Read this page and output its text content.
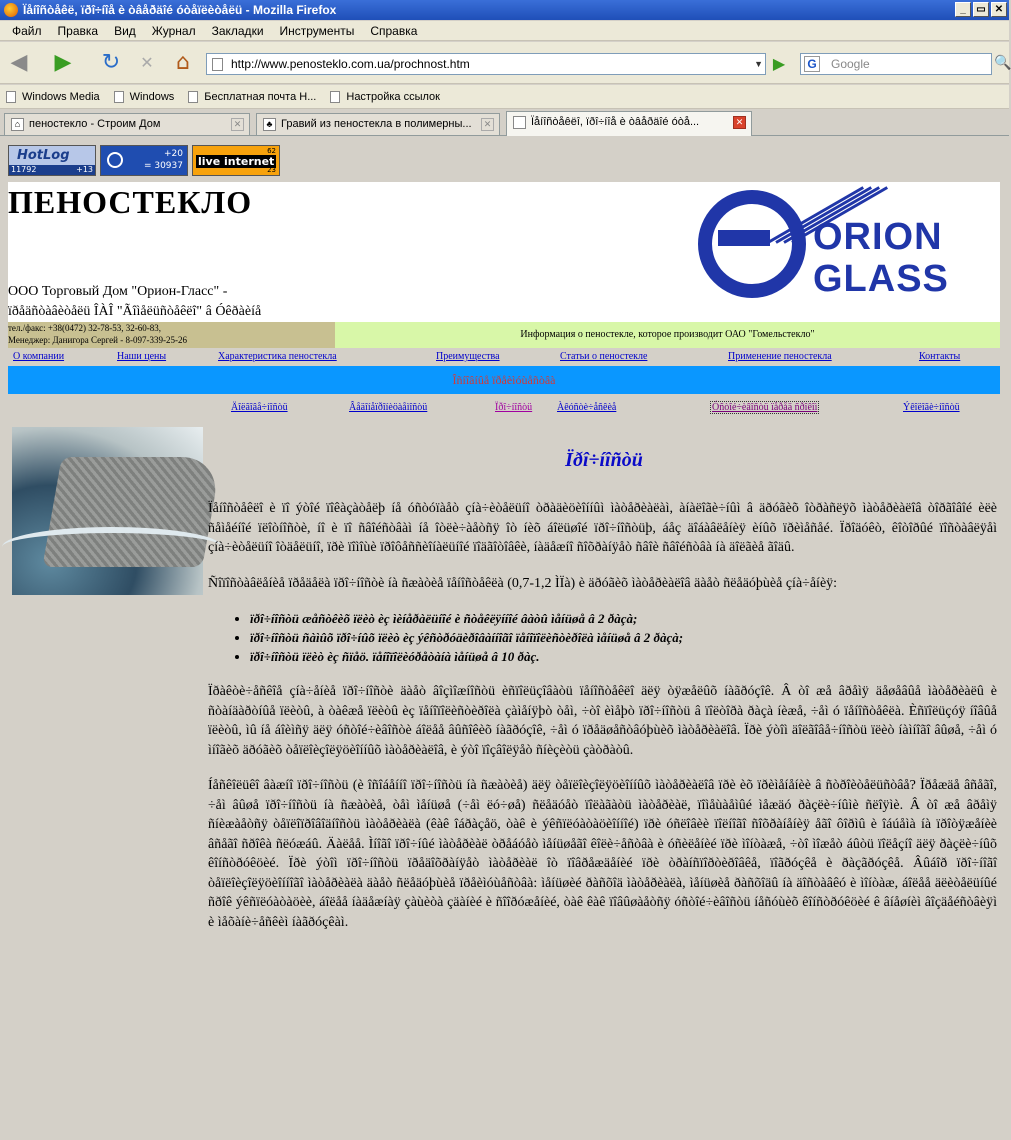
Ïåíîñòåêë, ïðî÷íîå è òâåðäîé óòåïëèòåëü - Mozilla Firefox	_	▭ ✕
Файл	Правка	Вид	Журнал	Закладки	Инструменты	Справка
◀ ▶ ↻	✕ ⌂	http://www.penosteklo.com.ua/prochnost.htm	▼ ▶	G Google	🔍
Windows Media	Windows	Бесплатная почта H...	Настройка ссылок
⌂ пеностекло - Строим Дом	✕	♣ Гравий из пеностекла в полимерны...	✕	Ïåíîñòåêëî, ïðî÷íîå è òâåðäîé óòå...	✕
HotLog
11792	+13
+20
= 30937 live internet
62
23
ПЕНОСТЕКЛО
ООО Торговый Дом "Орион-Гласс" -
ïðåäñòàâèòåëü ÎÀÎ "Ãîìåëüñòåêëî" â Óêðàèíå
ORION
GLASS
тел./факс: +38(0472) 32-78-53, 32-60-83,
Менеджер: Данигора Сергей - 8-097-339-25-26	Информация о пеностекле, которое производит ОАО "Гомельстекло"
О компании	Наши цены	Характеристика пеностекла	Преимущества	Статьи о пеностекле	Применение пеностекла	Контакты
Îñíîâíûå ïðåèìóùåñòâà
Äîëãîâå÷íîñòü	Âåäîíåïðîíèöàåìîñòü	Ïðî÷íîñòü Àêóñòè÷åñêèå	Óñòîé÷èâîñòü ïåðåä ñðîêîì	Ýêîëîãè÷íîñòü
Ïðî÷íîñòü

Ïåíîñòåêëî è ïî ýòîé ïîêàçàòåëþ íå óñòóïàåò çíà÷èòåëüíî òðàäèöèîííûì ìàòåðèàëàì, àíàëîãè÷íûì â äðóãèõ îòðàñëÿõ ìàòåðèàëîâ òîðãîâîé èëè ñåìåéíîé ïëîòíîñòè, íî è ïî ñâîéñòâàì íå îòëè÷àåòñÿ îò íèõ áîëüøîé ïðî÷íîñòüþ, áåç äîáàâëåíèÿ èíûõ ïðèìåñåé. Ïðîäóêò, êîòîðûé ïîñòàâëÿåì çíà÷èòåëüíî îòäåëüíî, ïðè ïîìîùè ïðîôåññèîíàëüíîé ïîäãîòîâêè, íàäåæíî ñîõðàíÿåò ñâîè ñâîéñòâà íà äîëãèå ãîäû.

Ñîïîñòàâëåíèå ïðåäåëà ïðî÷íîñòè íà ñæàòèå ïåíîñòåêëà (0,7-1,2 ÌÏà) è äðóãèõ ìàòåðèàëîâ äàåò ñëåäóþùèå çíà÷åíèÿ:

• ïðî÷íîñòü æåñòêèõ ïëèò èç ìèíåðàëüíîé è ñòåêëÿííîé âàòû ìåíüøå â 2 ðàçà;
• ïðî÷íîñòü ñàìûõ ïðî÷íûõ ïëèò èç ýêñòðóäèðîâàííîãî ïåíîïîëèñòèðîëà ìåíüøå â 2 ðàçà;
• ïðî÷íîñòü ïëèò èç ñïåö. ïåíîïîëèóðåòàíà ìåíüøå â 10 ðàç.

Ïðàêòè÷åñêîå çíà÷åíèå ïðî÷íîñòè äàåò âîçìîæíîñòü èñïîëüçîâàòü ïåíîñòåêëî äëÿ òÿæåëûõ íàãðóçîê. Â òî æå âðåìÿ äåøåâûå ìàòåðèàëû è ñòàíäàðòíûå ïëèòû, à òàêæå ïëèòû èç ïåíîïîëèñòèðîëà çàìåíÿþò òåì, ÷òî èìåþò ïðî÷íîñòü â ïîëòîðà ðàçà íèæå, ÷åì ó ïåíîñòåêëà. Èñïîëüçóÿ íîâûå ïëèòû, ìû íå áîèìñÿ äëÿ óñòîé÷èâîñòè áîëåå âûñîêèõ íàãðóçîê, ÷åì ó ïðåäøåñòâóþùèõ ìàòåðèàëîâ. Ïðè ýòîì äîëãîâå÷íîñòü ïëèò íàìíîãî âûøå, ÷åì ó ìíîãèõ äðóãèõ òåïëîèçîëÿöèîííûõ ìàòåðèàëîâ, è ýòî ïîçâîëÿåò ñíèçèòü çàòðàòû.

Íåñêîëüêî âàæíî ïðî÷íîñòü (è îñîáåííî ïðî÷íîñòü íà ñæàòèå) äëÿ òåïëîèçîëÿöèîííûõ ìàòåðèàëîâ ïðè èõ ïðèìåíåíèè â ñòðîèòåëüñòâå? Ïðåæäå âñåãî, ÷åì âûøå ïðî÷íîñòü íà ñæàòèå, òåì ìåíüøå (÷åì ëó÷øå) ñëåäóåò ïîëàãàòü ìàòåðèàë, ïîìåùàåìûé ìåæäó ðàçëè÷íûìè ñëîÿìè. Â òî æå âðåìÿ ñíèæàåòñÿ òåïëîïðîâîäíîñòü ìàòåðèàëà (êàê îáðàçåö, òàê è ýêñïëóàòàöèîííîé) ïðè óñëîâèè ïîëíîãî ñîõðàíåíèÿ åãî ôîðìû è îáúåìà íà ïðîòÿæåíèè âñåãî ñðîêà ñëóæáû. Äàëåå. Ìíîãî ïðî÷íûé ìàòåðèàë òðåáóåò ìåíüøåãî êîëè÷åñòâà è óñèëåíèé ïðè ìîíòàæå, ÷òî ìîæåò áûòü ïîëåçíî äëÿ ðàçëè÷íûõ êîíñòðóêöèé. Ïðè ýòîì ïðî÷íîñòü ïðåäîõðàíÿåò ìàòåðèàë îò ïîâðåæäåíèé ïðè òðàíñïîðòèðîâêå, ïîãðóçêå è ðàçãðóçêå. Âûáîð ïðî÷íîãî òåïëîèçîëÿöèîííîãî ìàòåðèàëà äàåò ñëåäóþùèå ïðåèìóùåñòâà: ìåíüøèé ðàñõîä ìàòåðèàëà, ìåíüøèå ðàñõîäû íà äîñòàâêó è ìîíòàæ, áîëåå äëèòåëüíûé ñðîê ýêñïëóàòàöèè, áîëåå íàäåæíàÿ çàùèòà çäàíèé è ñîîðóæåíèé, òàê êàê ïîâûøàåòñÿ óñòîé÷èâîñòü íåñóùèõ êîíñòðóêöèé ê âíåøíèì âîçäåéñòâèÿì è ìåõàíè÷åñêèì íàãðóçêàì.
